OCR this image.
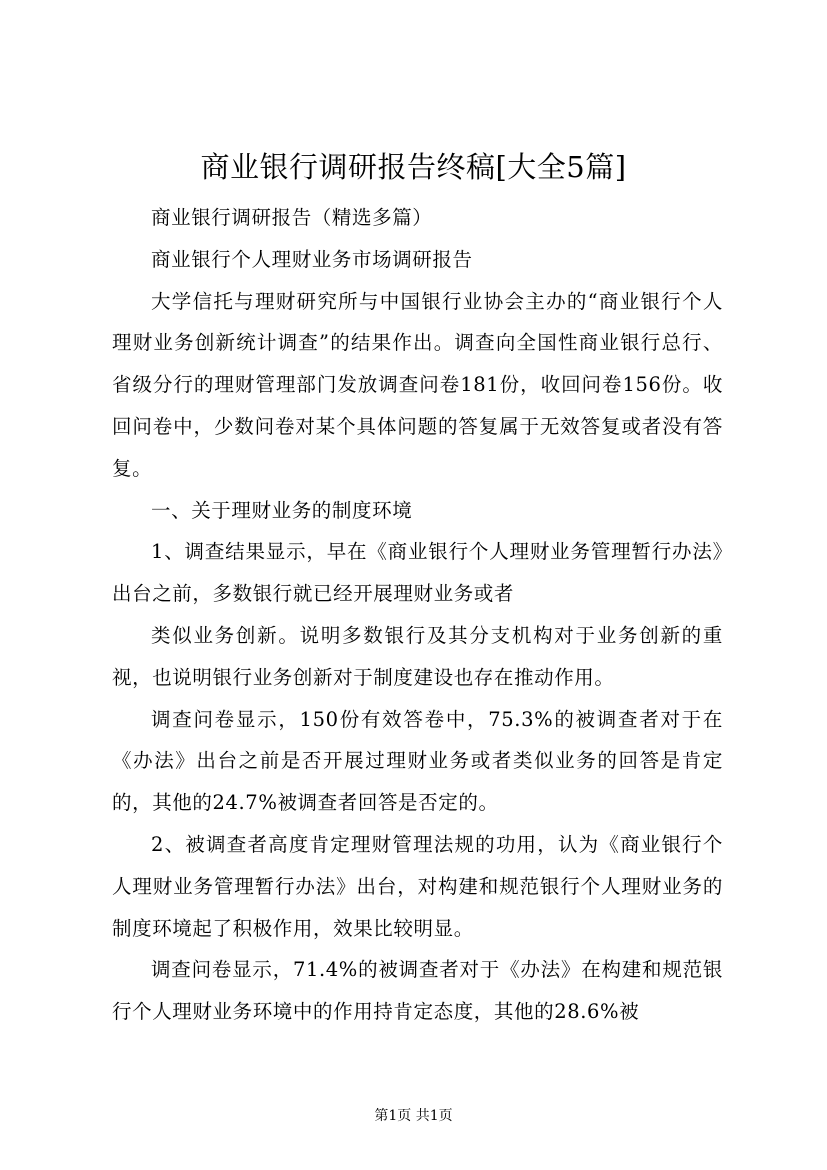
商业银行调研报告终稿[大全5篇]

商业银行调研报告（精选多篇）

商业银行个人理财业务市场调研报告

大学信托与理财研究所与中国银行业协会主办的“商业银行个人理财业务创新统计调查”的结果作出。调查向全国性商业银行总行、省级分行的理财管理部门发放调查问卷181份，收回问卷156份。收回问卷中，少数问卷对某个具体问题的答复属于无效答复或者没有答复。

一、关于理财业务的制度环境

1、调查结果显示，早在《商业银行个人理财业务管理暂行办法》出台之前，多数银行就已经开展理财业务或者

类似业务创新。说明多数银行及其分支机构对于业务创新的重视，也说明银行业务创新对于制度建设也存在推动作用。

调查问卷显示，150份有效答卷中，75.3%的被调查者对于在《办法》出台之前是否开展过理财业务或者类似业务的回答是肯定的，其他的24.7%被调查者回答是否定的。

2、被调查者高度肯定理财管理法规的功用，认为《商业银行个人理财业务管理暂行办法》出台，对构建和规范银行个人理财业务的制度环境起了积极作用，效果比较明显。

调查问卷显示，71.4%的被调查者对于《办法》在构建和规范银行个人理财业务环境中的作用持肯定态度，其他的28.6%被

第1页 共1页
